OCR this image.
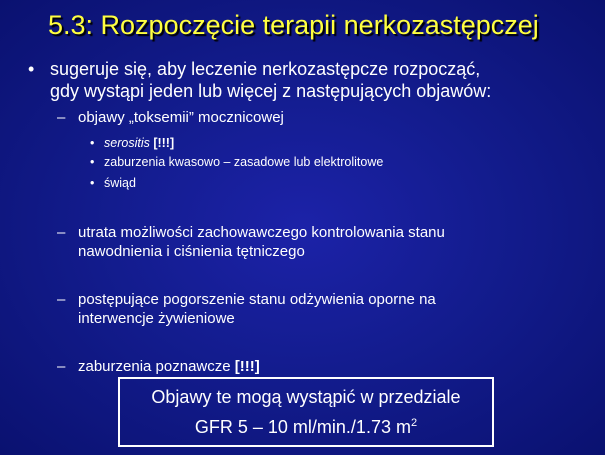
5.3: Rozpoczęcie terapii nerkozastępczej
• sugeruje się, aby leczenie nerkozastępcze rozpocząć,
gdy wystąpi jeden lub więcej z następujących objawów:
– objawy „toksemii” mocznicowej
• serositis [!!!]
• zaburzenia kwasowo – zasadowe lub elektrolitowe
• świąd
– utrata możliwości zachowawczego kontrolowania stanu
nawodnienia i ciśnienia tętniczego
– postępujące pogorszenie stanu odżywienia oporne na
interwencje żywieniowe
– zaburzenia poznawcze [!!!]
Objawy te mogą wystąpić w przedziale
GFR 5 – 10 ml/min./1.73 $m^2$
